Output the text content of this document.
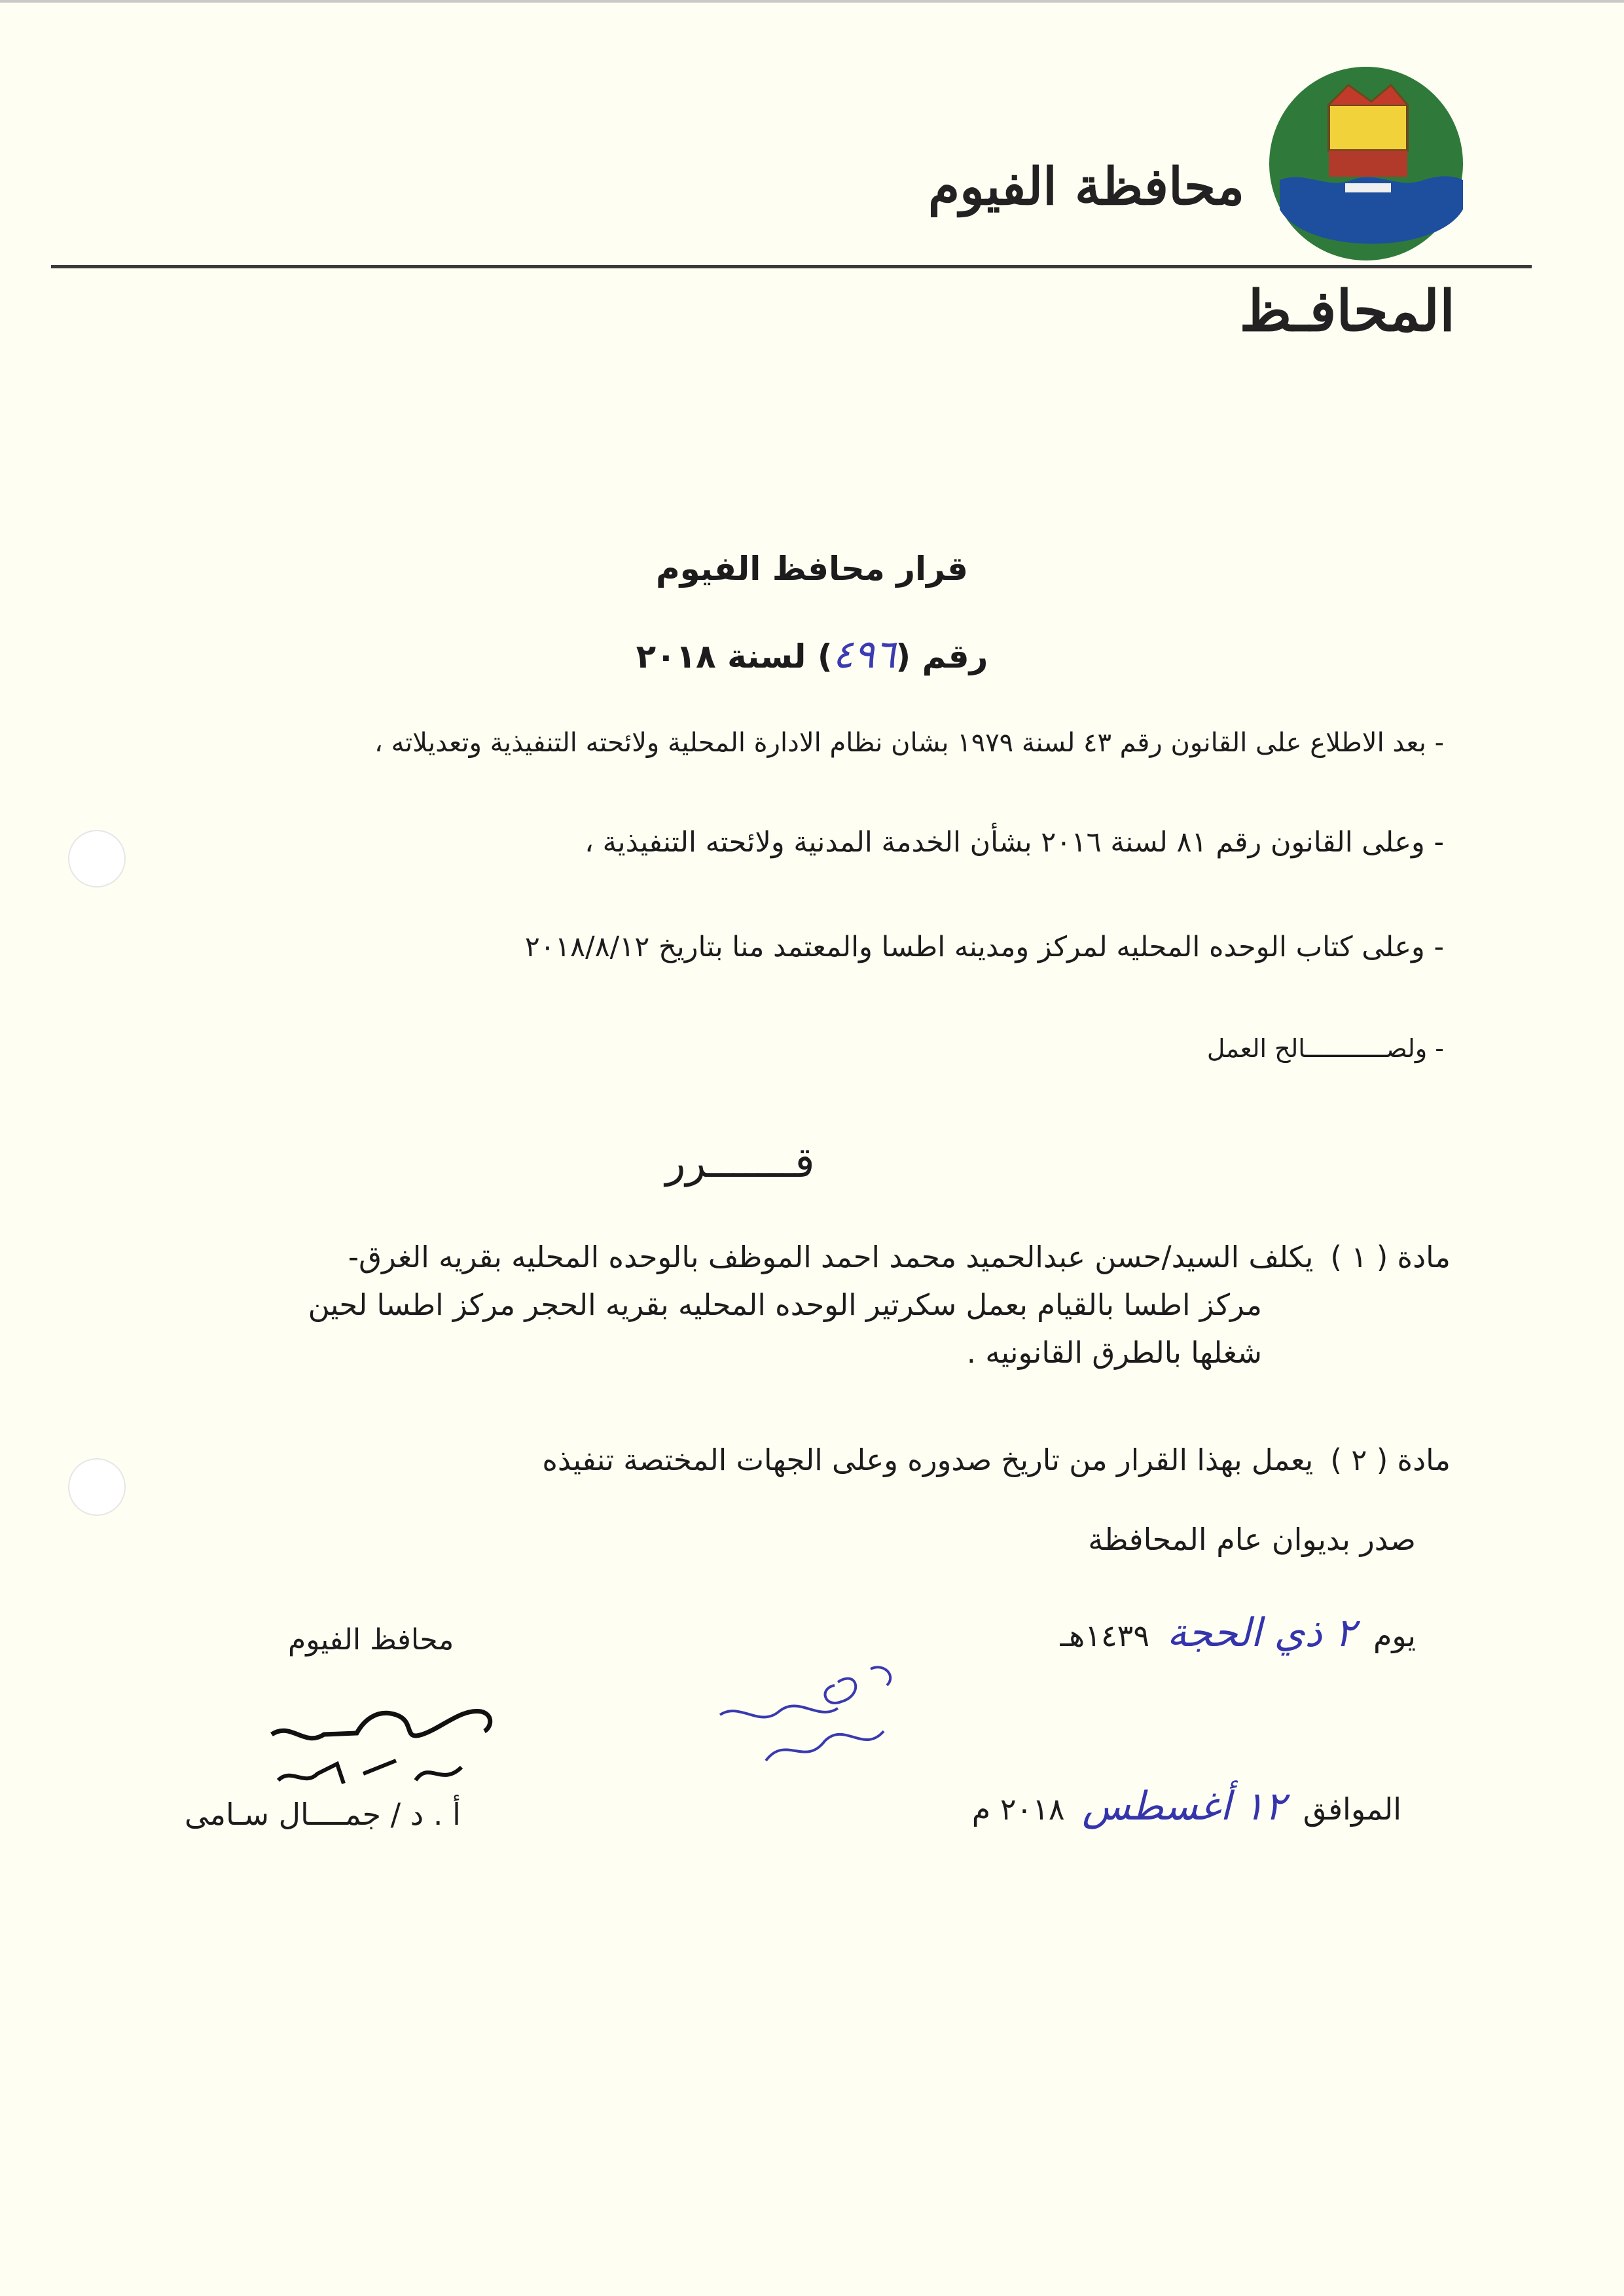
محافظة الفيوم
المحافـظ
قرار محافظ الفيوم
رقم (٤٩٦) لسنة ٢٠١٨
- بعد الاطلاع على القانون رقم ٤٣ لسنة ١٩٧٩ بشان نظام الادارة المحلية ولائحته التنفيذية وتعديلاته ،
- وعلى القانون رقم ٨١ لسنة ٢٠١٦ بشأن الخدمة المدنية ولائحته التنفيذية ،
- وعلى كتاب الوحده المحليه لمركز ومدينه اطسا والمعتمد منا بتاريخ ٢٠١٨/٨/١٢
- ولصـــــــــــالح العمل
قـــــــرر
مادة ( ١ )يكلف السيد/حسن عبدالحميد محمد احمد الموظف بالوحده المحليه بقريه الغرق-
مركز اطسا بالقيام بعمل سكرتير الوحده المحليه بقريه الحجر مركز اطسا لحين
شغلها بالطرق القانونيه .
مادة ( ٢ )يعمل بهذا القرار من تاريخ صدوره وعلى الجهات المختصة تنفيذه
صدر بديوان عام المحافظة
يوم ٢ ذي الحجة ١٤٣٩هـ
الموافق ١٢ أغسطس ٢٠١٨ م
محافظ الفيوم
أ . د / جمــــال سـامى
